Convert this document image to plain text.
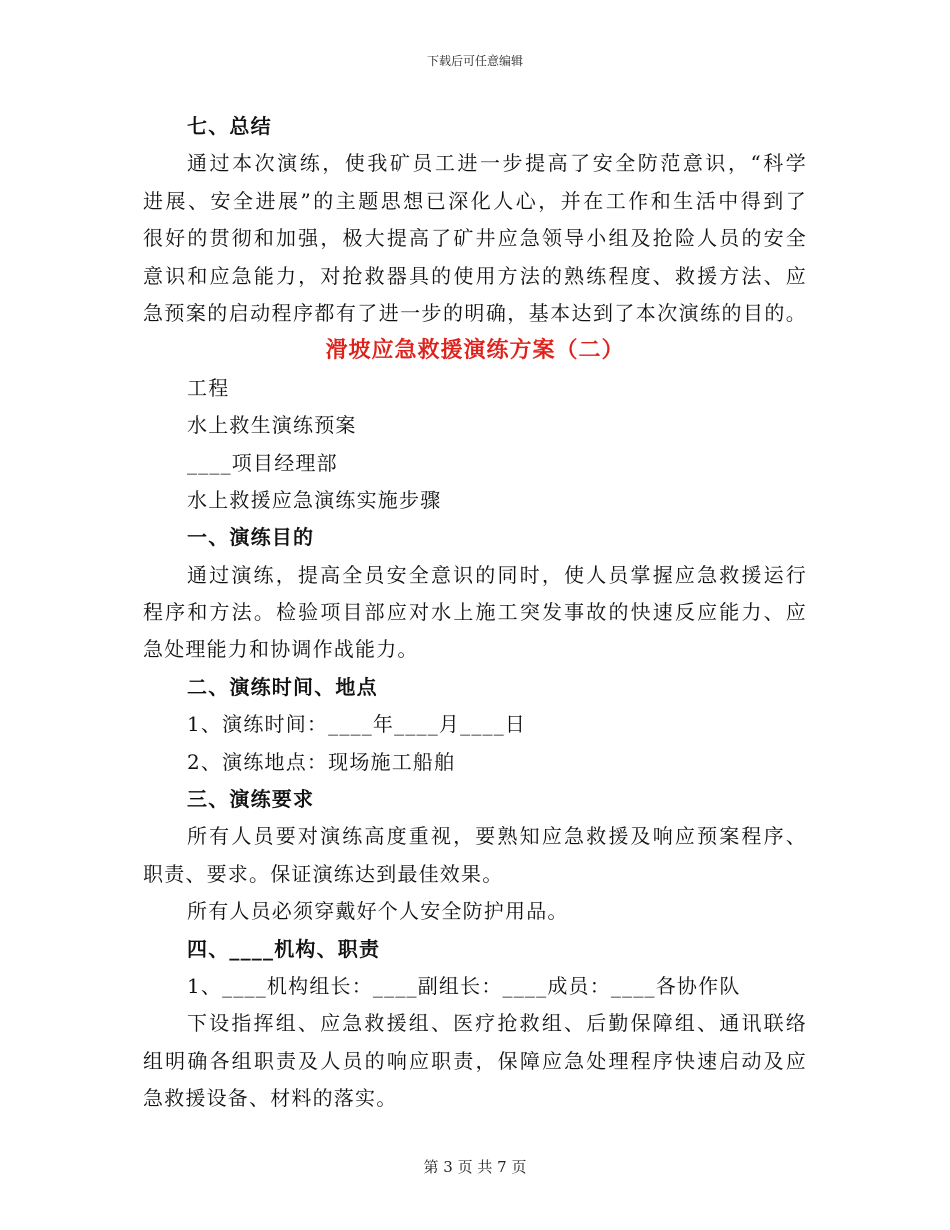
下载后可任意编辑
七、总结
通过本次演练，使我矿员工进一步提高了安全防范意识，“科学
进展、安全进展”的主题思想已深化人心，并在工作和生活中得到了
很好的贯彻和加强，极大提高了矿井应急领导小组及抢险人员的安全
意识和应急能力，对抢救器具的使用方法的熟练程度、救援方法、应
急预案的启动程序都有了进一步的明确，基本达到了本次演练的目的。
滑坡应急救援演练方案（二）
工程
水上救生演练预案
____项目经理部
水上救援应急演练实施步骤
一、演练目的
通过演练，提高全员安全意识的同时，使人员掌握应急救援运行
程序和方法。检验项目部应对水上施工突发事故的快速反应能力、应
急处理能力和协调作战能力。
二、演练时间、地点
1、演练时间：____年____月____日
2、演练地点：现场施工船舶
三、演练要求
所有人员要对演练高度重视，要熟知应急救援及响应预案程序、
职责、要求。保证演练达到最佳效果。
所有人员必须穿戴好个人安全防护用品。
四、____机构、职责
1、____机构组长：____副组长：____成员：____各协作队
下设指挥组、应急救援组、医疗抢救组、后勤保障组、通讯联络
组明确各组职责及人员的响应职责，保障应急处理程序快速启动及应
急救援设备、材料的落实。
第 3 页 共 7 页
